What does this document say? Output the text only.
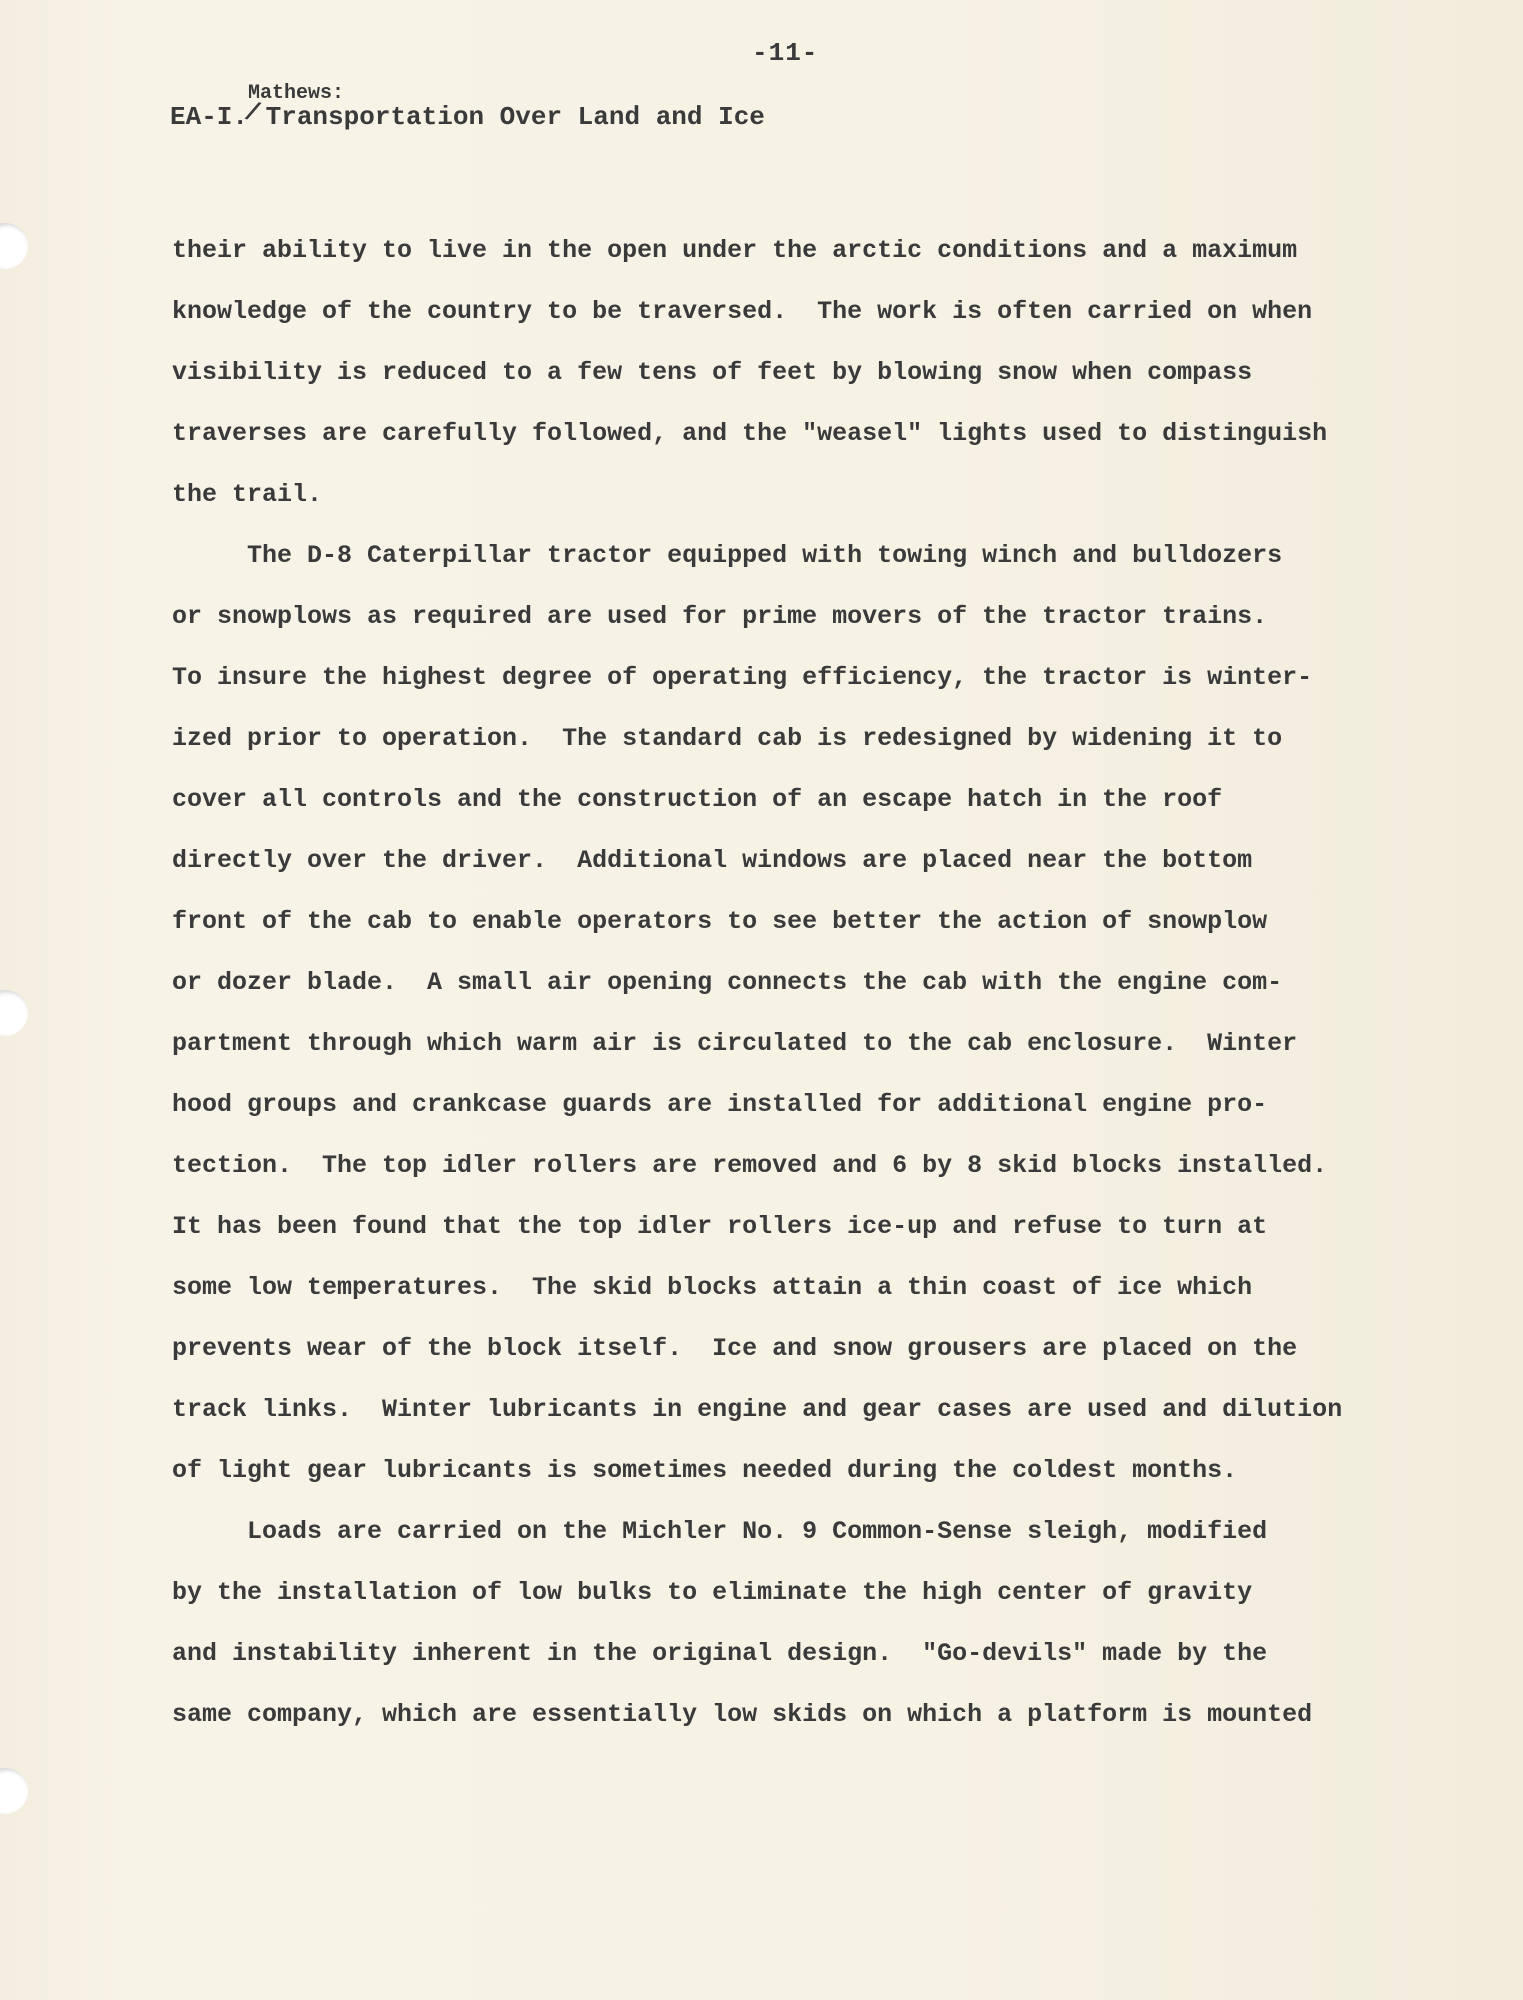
-11-

Mathews:

EA-I./Transportation Over Land and Ice

their ability to live in the open under the arctic conditions and a maximum

knowledge of the country to be traversed.  The work is often carried on when

visibility is reduced to a few tens of feet by blowing snow when compass

traverses are carefully followed, and the "weasel" lights used to distinguish

the trail.

The D-8 Caterpillar tractor equipped with towing winch and bulldozers

or snowplows as required are used for prime movers of the tractor trains.

To insure the highest degree of operating efficiency, the tractor is winter-

ized prior to operation.  The standard cab is redesigned by widening it to

cover all controls and the construction of an escape hatch in the roof

directly over the driver.  Additional windows are placed near the bottom

front of the cab to enable operators to see better the action of snowplow

or dozer blade.  A small air opening connects the cab with the engine com-

partment through which warm air is circulated to the cab enclosure.  Winter

hood groups and crankcase guards are installed for additional engine pro-

tection.  The top idler rollers are removed and 6 by 8 skid blocks installed.

It has been found that the top idler rollers ice-up and refuse to turn at

some low temperatures.  The skid blocks attain a thin coast of ice which

prevents wear of the block itself.  Ice and snow grousers are placed on the

track links.  Winter lubricants in engine and gear cases are used and dilution

of light gear lubricants is sometimes needed during the coldest months.

Loads are carried on the Michler No. 9 Common-Sense sleigh, modified

by the installation of low bulks to eliminate the high center of gravity

and instability inherent in the original design.  "Go-devils" made by the

same company, which are essentially low skids on which a platform is mounted
